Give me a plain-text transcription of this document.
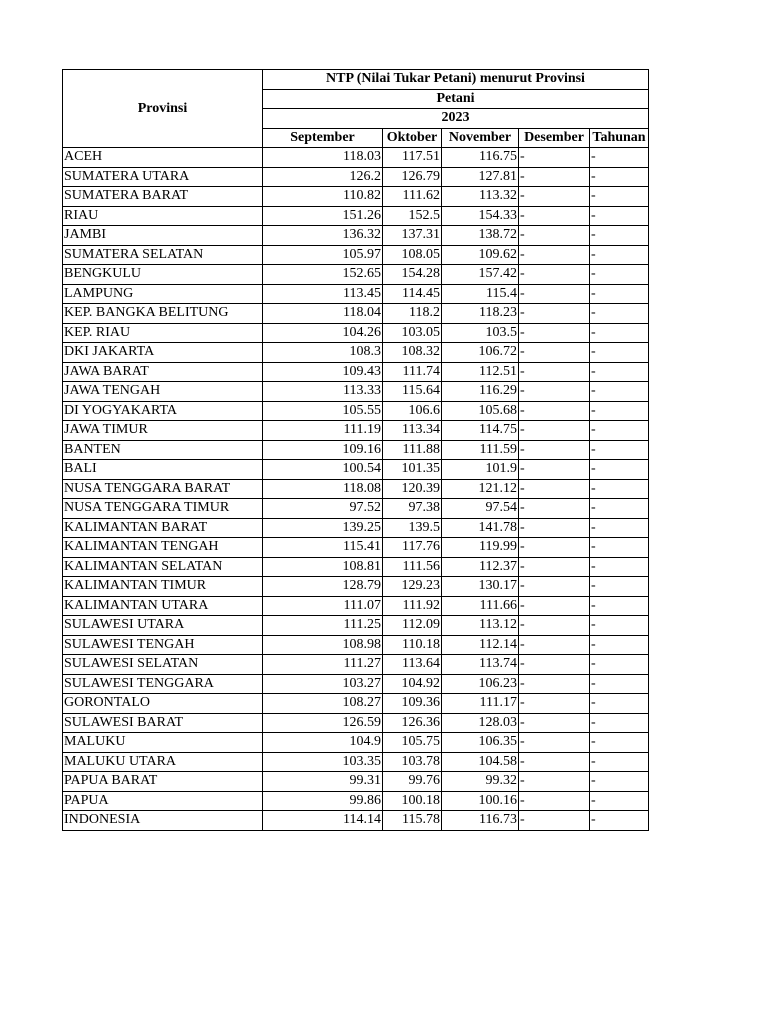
Provinsi	NTP (Nilai Tukar Petani) menurut Provinsi				
	Petani				
	2023				
	September	Oktober	November	Desember	Tahunan
ACEH	118.03	117.51	116.75	-	-
SUMATERA UTARA	126.2	126.79	127.81	-	-
SUMATERA BARAT	110.82	111.62	113.32	-	-
RIAU	151.26	152.5	154.33	-	-
JAMBI	136.32	137.31	138.72	-	-
SUMATERA SELATAN	105.97	108.05	109.62	-	-
BENGKULU	152.65	154.28	157.42	-	-
LAMPUNG	113.45	114.45	115.4	-	-
KEP. BANGKA BELITUNG	118.04	118.2	118.23	-	-
KEP. RIAU	104.26	103.05	103.5	-	-
DKI JAKARTA	108.3	108.32	106.72	-	-
JAWA BARAT	109.43	111.74	112.51	-	-
JAWA TENGAH	113.33	115.64	116.29	-	-
DI YOGYAKARTA	105.55	106.6	105.68	-	-
JAWA TIMUR	111.19	113.34	114.75	-	-
BANTEN	109.16	111.88	111.59	-	-
BALI	100.54	101.35	101.9	-	-
NUSA TENGGARA BARAT	118.08	120.39	121.12	-	-
NUSA TENGGARA TIMUR	97.52	97.38	97.54	-	-
KALIMANTAN BARAT	139.25	139.5	141.78	-	-
KALIMANTAN TENGAH	115.41	117.76	119.99	-	-
KALIMANTAN SELATAN	108.81	111.56	112.37	-	-
KALIMANTAN TIMUR	128.79	129.23	130.17	-	-
KALIMANTAN UTARA	111.07	111.92	111.66	-	-
SULAWESI UTARA	111.25	112.09	113.12	-	-
SULAWESI TENGAH	108.98	110.18	112.14	-	-
SULAWESI SELATAN	111.27	113.64	113.74	-	-
SULAWESI TENGGARA	103.27	104.92	106.23	-	-
GORONTALO	108.27	109.36	111.17	-	-
SULAWESI BARAT	126.59	126.36	128.03	-	-
MALUKU	104.9	105.75	106.35	-	-
MALUKU UTARA	103.35	103.78	104.58	-	-
PAPUA BARAT	99.31	99.76	99.32	-	-
PAPUA	99.86	100.18	100.16	-	-
INDONESIA	114.14	115.78	116.73	-	-
